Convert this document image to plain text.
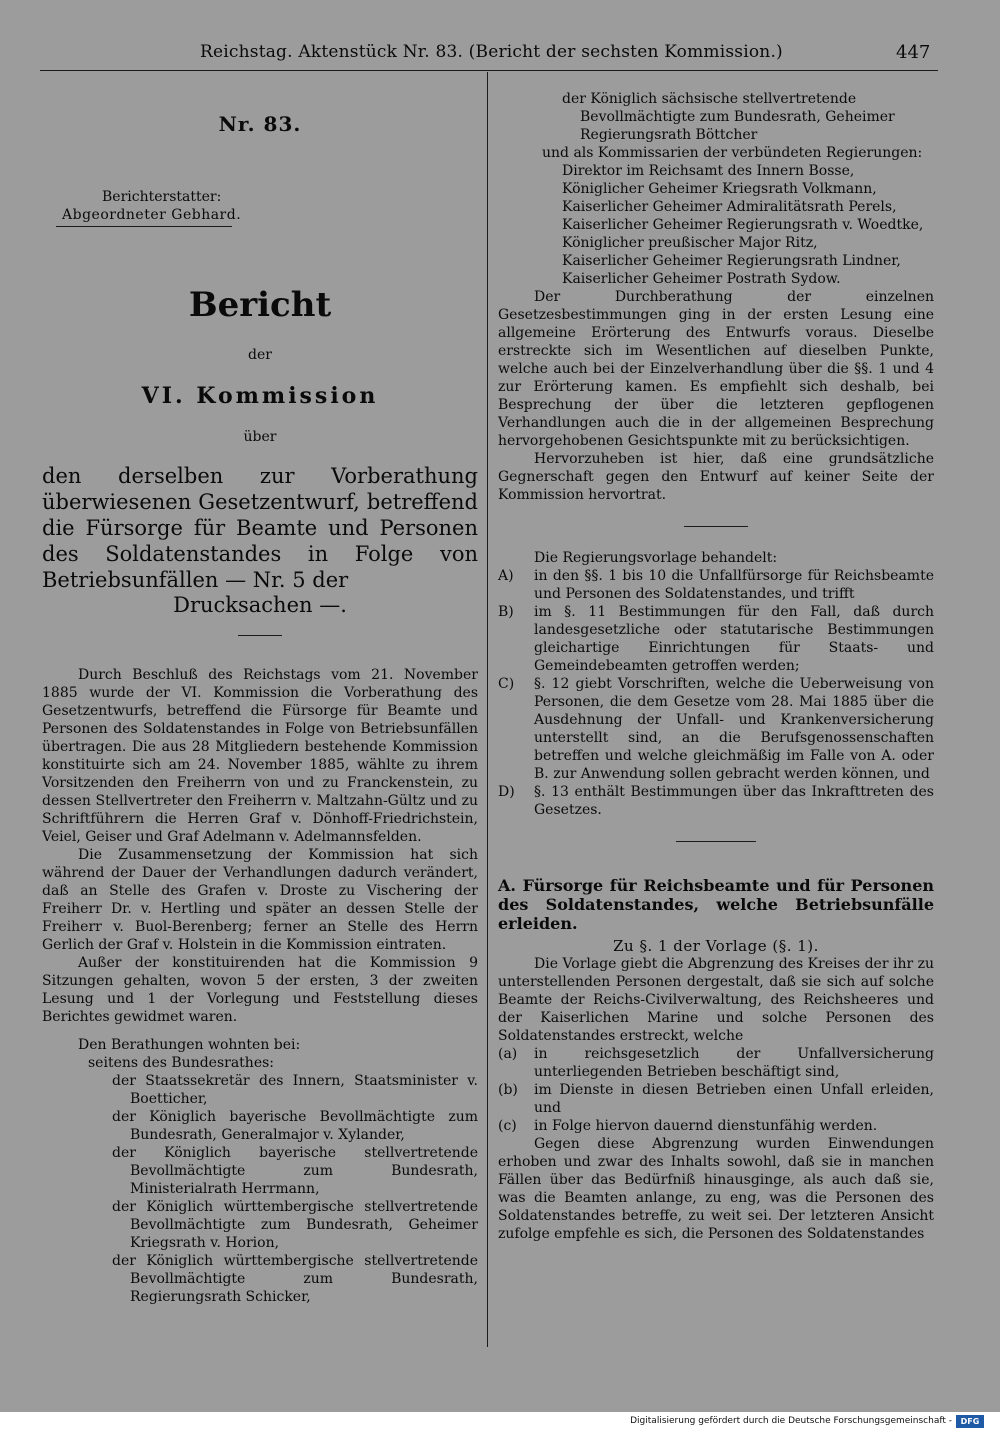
Reichstag. Aktenstück Nr. 83. (Bericht der sechsten Kommission.)	447
Nr. 83.
Berichterstatter:
Abgeordneter Gebhard.
Bericht
der
VI. Kommission
über
den derselben zur Vorberathung überwiesenen Gesetzentwurf, betreffend die Fürsorge für Beamte und Personen des Soldatenstandes in Folge von Betriebsunfällen — Nr. 5 der
Drucksachen —.

Durch Beschluß des Reichstags vom 21. November 1885 wurde der VI. Kommission die Vorberathung des Gesetzentwurfs, betreffend die Fürsorge für Beamte und Personen des Soldatenstandes in Folge von Betriebsunfällen übertragen. Die aus 28 Mitgliedern bestehende Kommission konstituirte sich am 24. November 1885, wählte zu ihrem Vorsitzenden den Freiherrn von und zu Franckenstein, zu dessen Stellvertreter den Freiherrn v. Maltzahn-Gültz und zu Schriftführern die Herren Graf v. Dönhoff-Friedrichstein, Veiel, Geiser und Graf Adelmann v. Adelmannsfelden.

Die Zusammensetzung der Kommission hat sich während der Dauer der Verhandlungen dadurch verändert, daß an Stelle des Grafen v. Droste zu Vischering der Freiherr Dr. v. Hertling und später an dessen Stelle der Freiherr v. Buol-Berenberg; ferner an Stelle des Herrn Gerlich der Graf v. Holstein in die Kommission eintraten.

Außer der konstituirenden hat die Kommission 9 Sitzungen gehalten, wovon 5 der ersten, 3 der zweiten Lesung und 1 der Vorlegung und Feststellung dieses Berichtes gewidmet waren.

Den Berathungen wohnten bei:
seitens des Bundesrathes:

der Staatssekretär des Innern, Staatsminister v. Boetticher,

der Königlich bayerische Bevollmächtigte zum Bundesrath, Generalmajor v. Xylander,

der Königlich bayerische stellvertretende Bevollmächtigte zum Bundesrath, Ministerialrath Herrmann,

der Königlich württembergische stellvertretende Bevollmächtigte zum Bundesrath, Geheimer Kriegsrath v. Horion,

der Königlich württembergische stellvertretende Bevollmächtigte zum Bundesrath, Regierungsrath Schicker,

der Königlich sächsische stellvertretende Bevollmächtigte zum Bundesrath, Geheimer Regierungsrath Böttcher

und als Kommissarien der verbündeten Regierungen:

Direktor im Reichsamt des Innern Bosse,

Königlicher Geheimer Kriegsrath Volkmann,

Kaiserlicher Geheimer Admiralitätsrath Perels,

Kaiserlicher Geheimer Regierungsrath v. Woedtke,

Königlicher preußischer Major Ritz,

Kaiserlicher Geheimer Regierungsrath Lindner,

Kaiserlicher Geheimer Postrath Sydow.

Der Durchberathung der einzelnen Gesetzesbestimmungen ging in der ersten Lesung eine allgemeine Erörterung des Entwurfs voraus. Dieselbe erstreckte sich im Wesentlichen auf dieselben Punkte, welche auch bei der Einzelverhandlung über die §§. 1 und 4 zur Erörterung kamen. Es empfiehlt sich deshalb, bei Besprechung der über die letzteren gepflogenen Verhandlungen auch die in der allgemeinen Besprechung hervorgehobenen Gesichtspunkte mit zu berücksichtigen.

Hervorzuheben ist hier, daß eine grundsätzliche Gegnerschaft gegen den Entwurf auf keiner Seite der Kommission hervortrat.

Die Regierungsvorlage behandelt:

A) in den §§. 1 bis 10 die Unfallfürsorge für Reichsbeamte und Personen des Soldatenstandes, und trifft
B) im §. 11 Bestimmungen für den Fall, daß durch landesgesetzliche oder statutarische Bestimmungen gleichartige Einrichtungen für Staats- und Gemeindebeamten getroffen werden;
C) §. 12 giebt Vorschriften, welche die Ueberweisung von Personen, die dem Gesetze vom 28. Mai 1885 über die Ausdehnung der Unfall- und Krankenversicherung unterstellt sind, an die Berufsgenossenschaften betreffen und welche gleichmäßig im Falle von A. oder B. zur Anwendung sollen gebracht werden können, und
D) §. 13 enthält Bestimmungen über das Inkrafttreten des Gesetzes.
A. Fürsorge für Reichsbeamte und für Personen des Soldatenstandes, welche Betriebsunfälle erleiden.
Zu §. 1 der Vorlage (§. 1).

Die Vorlage giebt die Abgrenzung des Kreises der ihr zu unterstellenden Personen dergestalt, daß sie sich auf solche Beamte der Reichs-Civilverwaltung, des Reichsheeres und der Kaiserlichen Marine und solche Personen des Soldatenstandes erstreckt, welche

(a) in reichsgesetzlich der Unfallversicherung unterliegenden Betrieben beschäftigt sind,
(b) im Dienste in diesen Betrieben einen Unfall erleiden, und
(c) in Folge hiervon dauernd dienstunfähig werden.

Gegen diese Abgrenzung wurden Einwendungen erhoben und zwar des Inhalts sowohl, daß sie in manchen Fällen über das Bedürfniß hinausginge, als auch daß sie, was die Beamten anlange, zu eng, was die Personen des Soldatenstandes betreffe, zu weit sei. Der letzteren Ansicht zufolge empfehle es sich, die Personen des Soldatenstandes

Digitalisierung gefördert durch die Deutsche Forschungsgemeinschaft -	DFG
